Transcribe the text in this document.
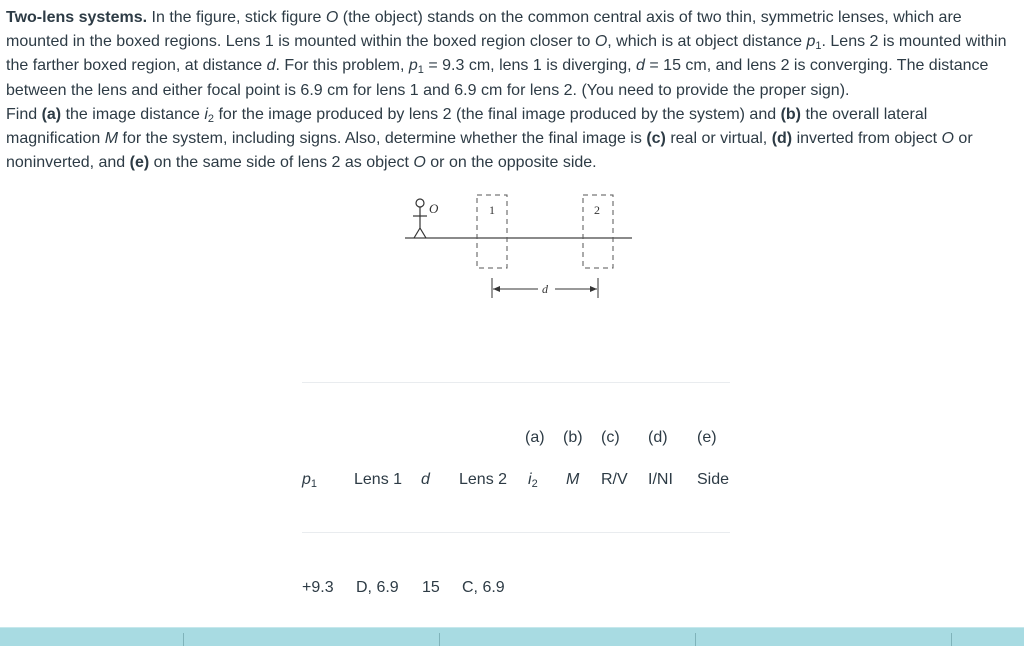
Two-lens systems. In the figure, stick figure O (the object) stands on the common central axis of two thin, symmetric lenses, which are mounted in the boxed regions. Lens 1 is mounted within the boxed region closer to O, which is at object distance $p_1$. Lens 2 is mounted within the farther boxed region, at distance d. For this problem, $p_1 = 9.3$ cm, lens 1 is diverging, d = 15 cm, and lens 2 is converging. The distance between the lens and either focal point is 6.9 cm for lens 1 and 6.9 cm for lens 2. (You need to provide the proper sign).

Find (a) the image distance $i_2$ for the image produced by lens 2 (the final image produced by the system) and (b) the overall lateral magnification M for the system, including signs. Also, determine whether the final image is (c) real or virtual, (d) inverted from object O or noninverted, and (e) on the same side of lens 2 as object O or on the opposite side.

O	1	2
d
(a) (b) (c) (d) (e)
$p_1$ Lens 1 d Lens 2 $i_2$ M R/V I/NI Side
+9.3 D, 6.9 15 C, 6.9
